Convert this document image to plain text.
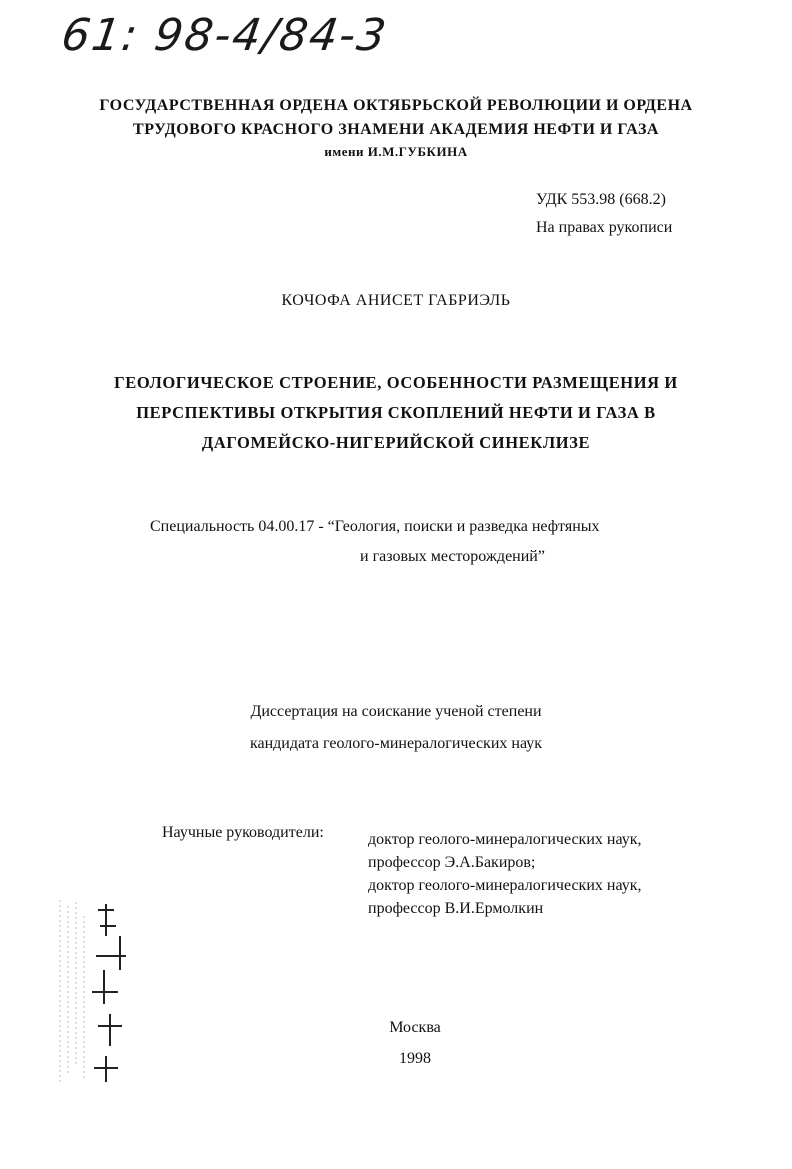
61: 98-4/84-3
ГОСУДАРСТВЕННАЯ ОРДЕНА ОКТЯБРЬСКОЙ РЕВОЛЮЦИИ И ОРДЕНА
ТРУДОВОГО КРАСНОГО ЗНАМЕНИ АКАДЕМИЯ НЕФТИ И ГАЗА
имени И.М.ГУБКИНА
УДК 553.98 (668.2)
На правах рукописи
КОЧОФА АНИСЕТ ГАБРИЭЛЬ
ГЕОЛОГИЧЕСКОЕ СТРОЕНИЕ, ОСОБЕННОСТИ РАЗМЕЩЕНИЯ И
ПЕРСПЕКТИВЫ ОТКРЫТИЯ СКОПЛЕНИЙ НЕФТИ И ГАЗА В
ДАГОМЕЙСКО-НИГЕРИЙСКОЙ СИНЕКЛИЗЕ
Специальность 04.00.17 - “Геология, поиски и разведка нефтяных
и газовых месторождений”
Диссертация на соискание ученой степени
кандидата геолого-минералогических наук
Научные руководители:	доктор геолого-минералогических наук,
профессор Э.А.Бакиров;
доктор геолого-минералогических наук,
профессор В.И.Ермолкин
Москва
1998
